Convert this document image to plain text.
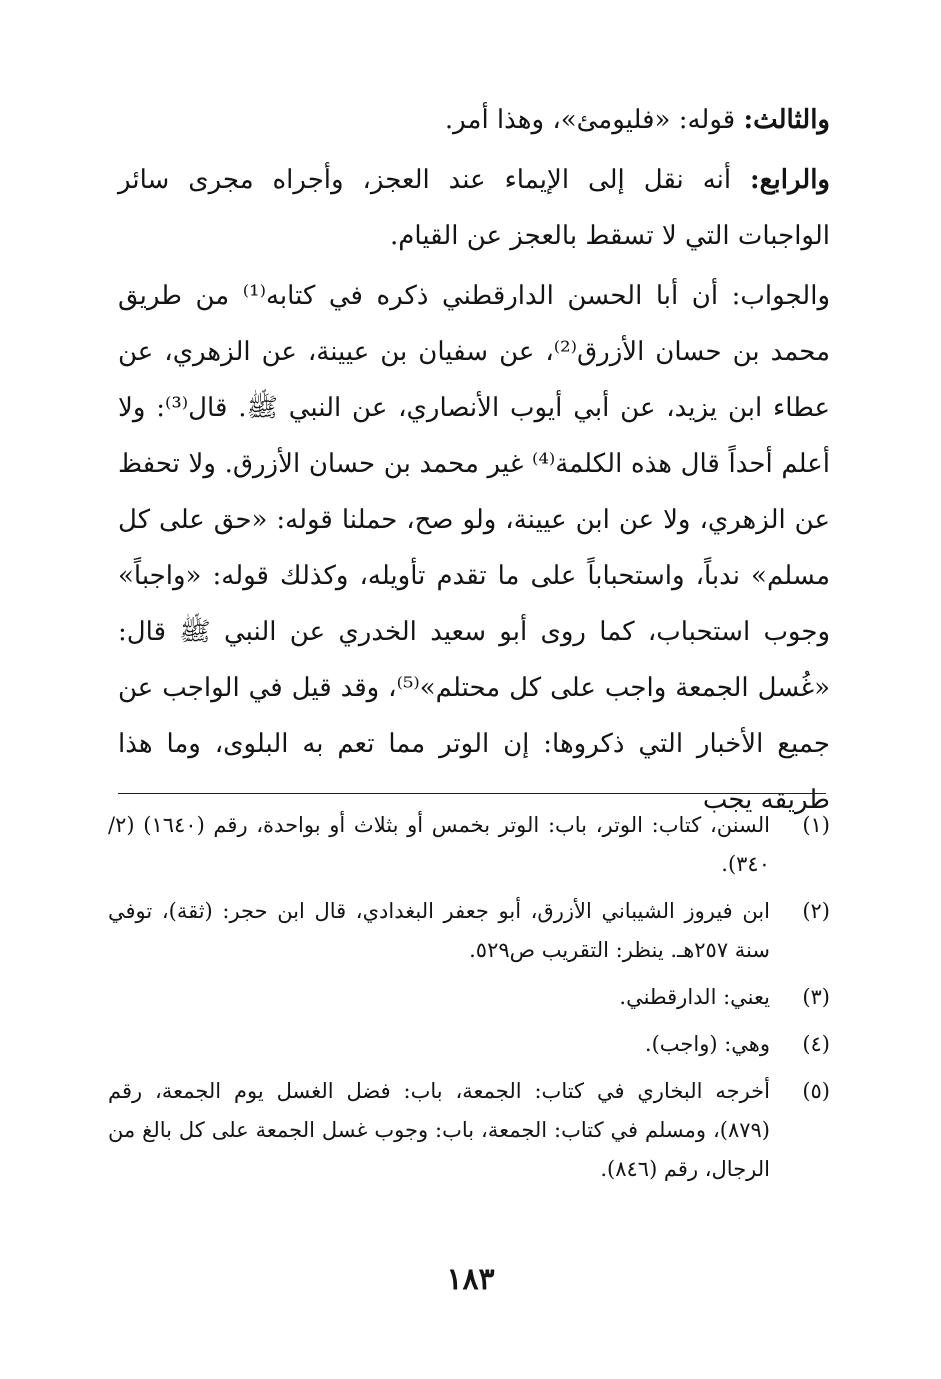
والثالث: قوله: «فليومئ»، وهذا أمر.

والرابع: أنه نقل إلى الإيماء عند العجز، وأجراه مجرى سائر الواجبات التي لا تسقط بالعجز عن القيام.

والجواب: أن أبا الحسن الدارقطني ذكره في كتابه⁽¹⁾ من طريق محمد بن حسان الأزرق⁽²⁾، عن سفيان بن عيينة، عن الزهري، عن عطاء ابن يزيد، عن أبي أيوب الأنصاري، عن النبي ﷺ. قال⁽³⁾: ولا أعلم أحداً قال هذه الكلمة⁽⁴⁾ غير محمد بن حسان الأزرق. ولا تحفظ عن الزهري، ولا عن ابن عيينة، ولو صح، حملنا قوله: «حق على كل مسلم» ندباً، واستحباباً على ما تقدم تأويله، وكذلك قوله: «واجباً» وجوب استحباب، كما روى أبو سعيد الخدري عن النبي ﷺ قال: «غُسل الجمعة واجب على كل محتلم»⁽⁵⁾، وقد قيل في الواجب عن جميع الأخبار التي ذكروها: إن الوتر مما تعم به البلوى، وما هذا طريقه يجب

(١)
السنن، كتاب: الوتر، باب: الوتر بخمس أو بثلاث أو بواحدة، رقم (١٦٤٠) (٢/ ٣٤٠).
(٢)
ابن فيروز الشيباني الأزرق، أبو جعفر البغدادي، قال ابن حجر: (ثقة)، توفي سنة ٢٥٧هـ. ينظر: التقريب ص٥٢٩.
(٣)
يعني: الدارقطني.
(٤)
وهي: (واجب).
(٥)
أخرجه البخاري في كتاب: الجمعة، باب: فضل الغسل يوم الجمعة، رقم (٨٧٩)، ومسلم في كتاب: الجمعة، باب: وجوب غسل الجمعة على كل بالغ من الرجال، رقم (٨٤٦).
١٨٣
